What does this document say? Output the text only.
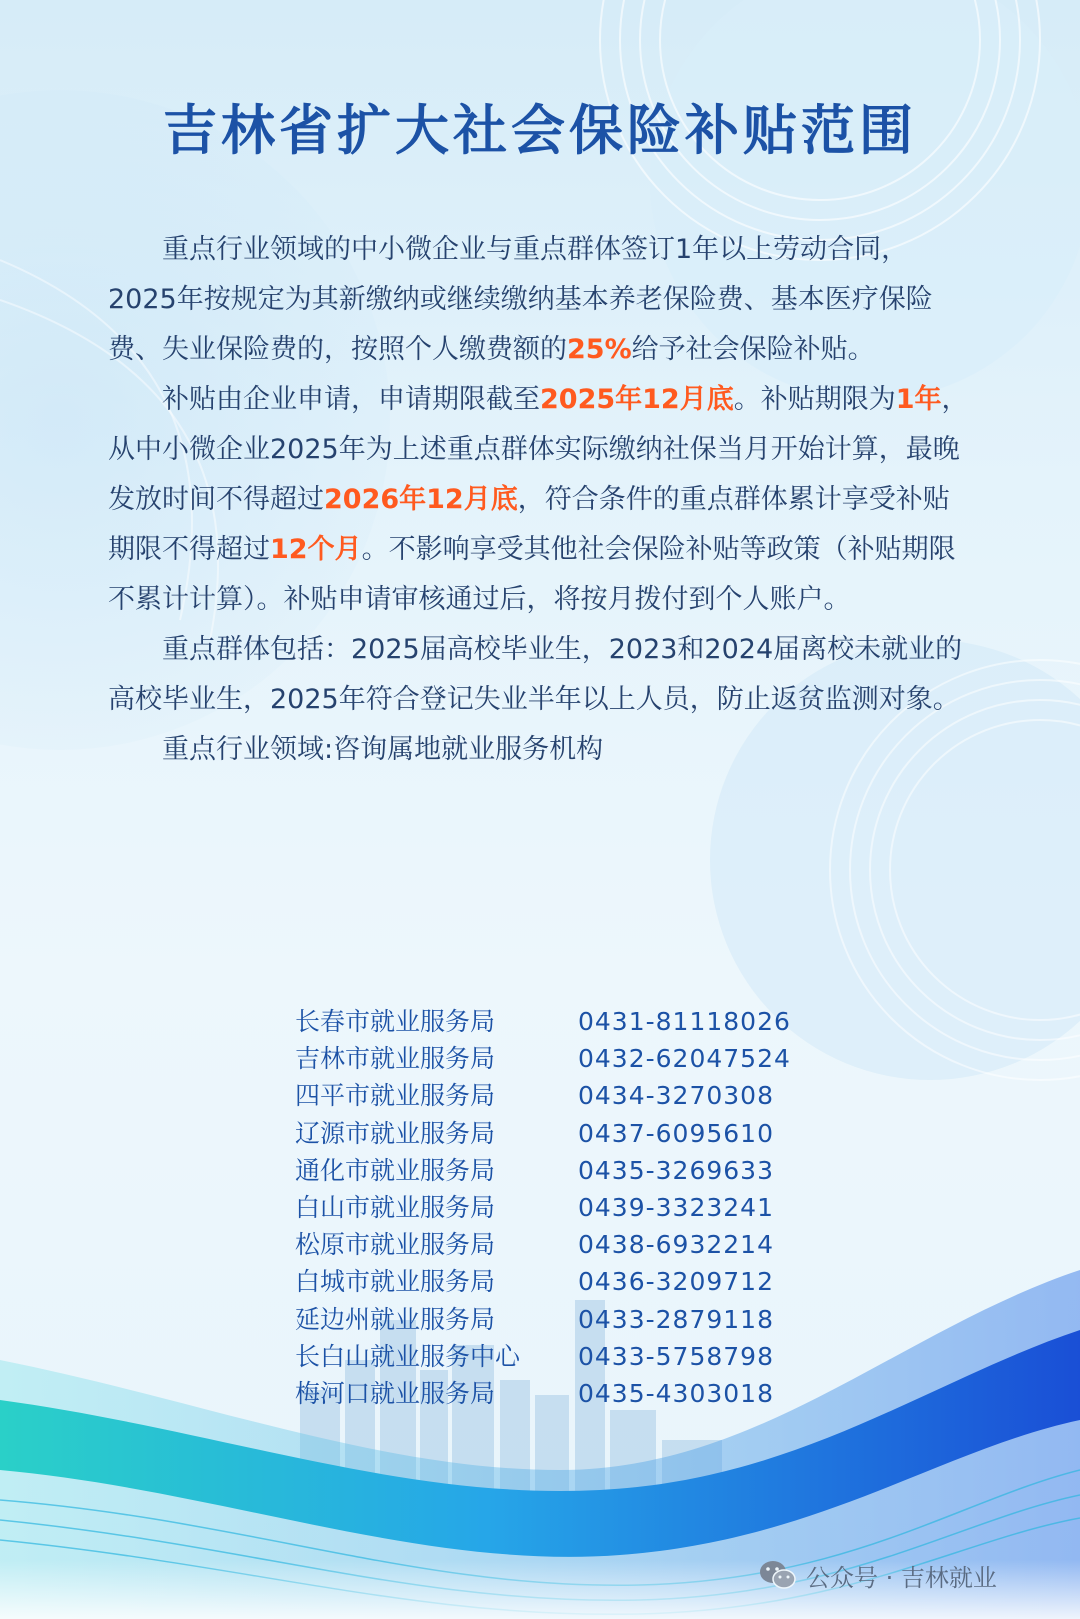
吉林省扩大社会保险补贴范围

重点行业领域的中小微企业与重点群体签订1年以上劳动合同，2025年按规定为其新缴纳或继续缴纳基本养老保险费、基本医疗保险费、失业保险费的，按照个人缴费额的25%给予社会保险补贴。

补贴由企业申请，申请期限截至2025年12月底。补贴期限为1年，从中小微企业2025年为上述重点群体实际缴纳社保当月开始计算，最晚发放时间不得超过2026年12月底，符合条件的重点群体累计享受补贴期限不得超过12个月。不影响享受其他社会保险补贴等政策（补贴期限不累计计算）。补贴申请审核通过后，将按月拨付到个人账户。

重点群体包括：2025届高校毕业生，2023和2024届离校未就业的高校毕业生，2025年符合登记失业半年以上人员，防止返贫监测对象。

重点行业领域:咨询属地就业服务机构

长春市就业服务局	0431-81118026
吉林市就业服务局	0432-62047524
四平市就业服务局	0434-3270308
辽源市就业服务局	0437-6095610
通化市就业服务局	0435-3269633
白山市就业服务局	0439-3323241
松原市就业服务局	0438-6932214
白城市就业服务局	0436-3209712
延边州就业服务局	0433-2879118
长白山就业服务中心 0433-5758798
梅河口就业服务局	0435-4303018
公众号 · 吉林就业
